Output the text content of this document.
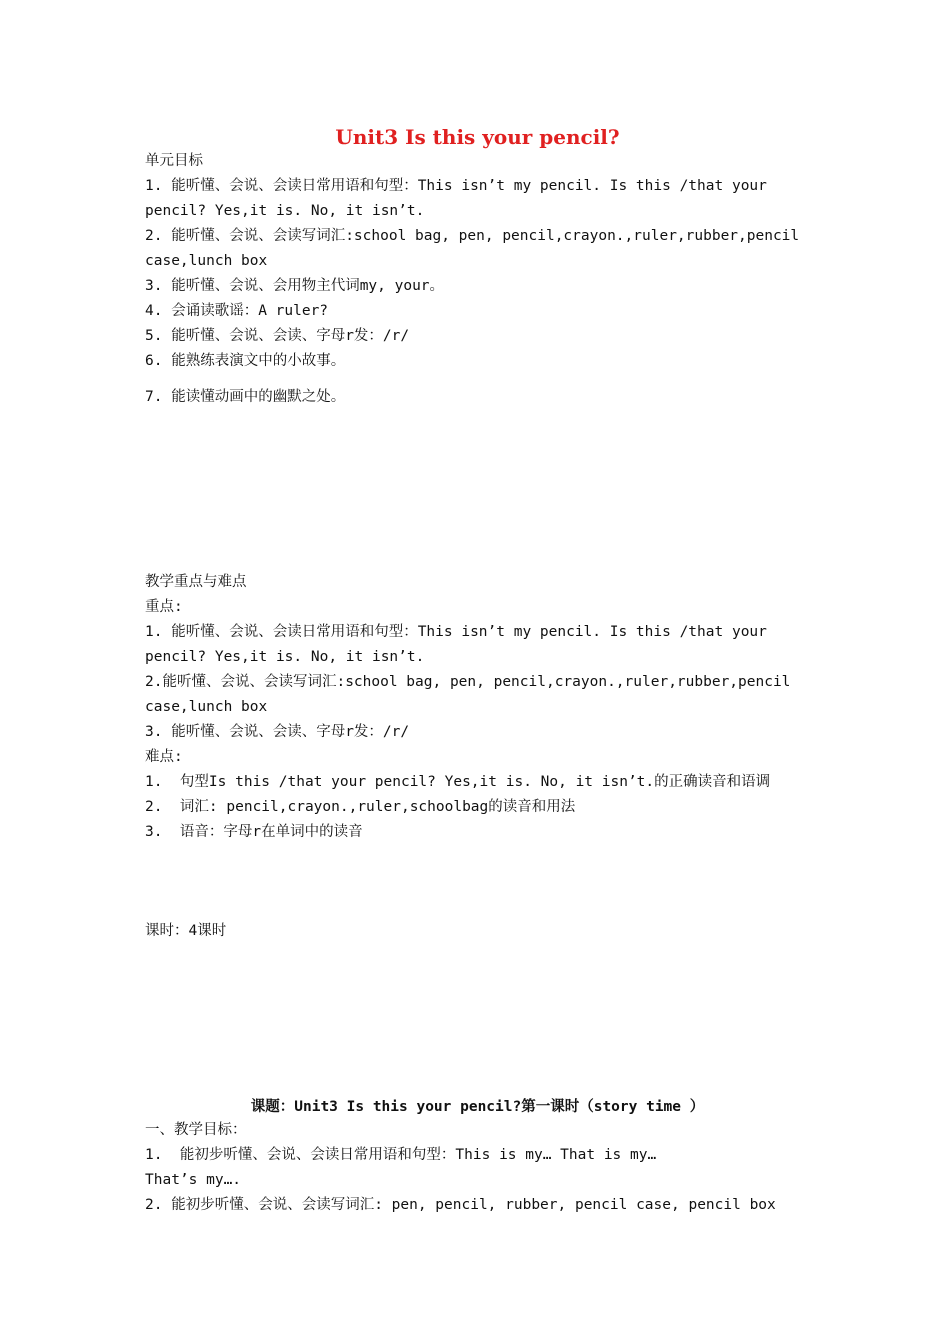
Unit3 Is this your pencil?
单元目标
1. 能听懂、会说、会读日常用语和句型：This isn’t my pencil. Is this /that your
pencil? Yes,it is. No, it isn’t.
2. 能听懂、会说、会读写词汇:school bag, pen, pencil,crayon.,ruler,rubber,pencil
case,lunch box
3. 能听懂、会说、会用物主代词my, your。
4. 会诵读歌谣：A ruler?
5. 能听懂、会说、会读、字母r发：/r/
6. 能熟练表演文中的小故事。
7. 能读懂动画中的幽默之处。
教学重点与难点
重点:
1. 能听懂、会说、会读日常用语和句型：This isn’t my pencil. Is this /that your
pencil? Yes,it is. No, it isn’t.
2.能听懂、会说、会读写词汇:school bag, pen, pencil,crayon.,ruler,rubber,pencil
case,lunch box
3. 能听懂、会说、会读、字母r发：/r/
难点:
1.  句型Is this /that your pencil? Yes,it is. No, it isn’t.的正确读音和语调
2.  词汇: pencil,crayon.,ruler,schoolbag的读音和用法
3.  语音：字母r在单词中的读音
课时：4课时
课题：Unit3 Is this your pencil?第一课时（story time ）
一、教学目标：
1.  能初步听懂、会说、会读日常用语和句型：This is my… That is my…
That’s my….
2. 能初步听懂、会说、会读写词汇: pen, pencil, rubber, pencil case, pencil box
